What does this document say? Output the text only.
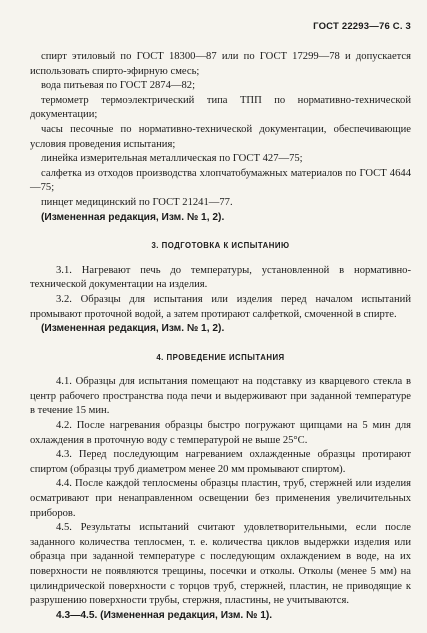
ГОСТ 22293—76 С. 3

спирт этиловый по ГОСТ 18300—87 или по ГОСТ 17299—78 и допускается использовать спирто-эфирную смесь;

вода питьевая по ГОСТ 2874—82;

термометр термоэлектрический типа ТПП по нормативно-технической документации;

часы песочные по нормативно-технической документации, обеспечивающие условия проведения испытания;

линейка измерительная металлическая по ГОСТ 427—75;

салфетка из отходов производства хлопчатобумажных материалов по ГОСТ 4644—75;

пинцет медицинский по ГОСТ 21241—77.

(Измененная редакция, Изм. № 1, 2).

3. ПОДГОТОВКА К ИСПЫТАНИЮ

3.1. Нагревают печь до температуры, установленной в нормативно-технической документации на изделия.

3.2. Образцы для испытания или изделия перед началом испытаний промывают проточной водой, а затем протирают салфеткой, смоченной в спирте.

(Измененная редакция, Изм. № 1, 2).

4. ПРОВЕДЕНИЕ ИСПЫТАНИЯ

4.1. Образцы для испытания помещают на подставку из кварцевого стекла в центр рабочего пространства пода печи и выдерживают при заданной температуре в течение 15 мин.

4.2. После нагревания образцы быстро погружают щипцами на 5 мин для охлаждения в проточную воду с температурой не выше 25°С.

4.3. Перед последующим нагреванием охлажденные образцы протирают спиртом (образцы труб диаметром менее 20 мм промывают спиртом).

4.4. После каждой теплосмены образцы пластин, труб, стержней или изделия осматривают при ненаправленном освещении без применения увеличительных приборов.

4.5. Результаты испытаний считают удовлетворительными, если после заданного количества теплосмен, т. е. количества циклов выдержки изделия или образца при заданной температуре с последующим охлаждением в воде, на их поверхности не появляются трещины, посечки и отколы. Отколы (менее 5 мм) на цилиндрической поверхности с торцов труб, стержней, пластин, не приводящие к разрушению поверхности трубы, стержня, пластины, не учитываются.

4.3—4.5. (Измененная редакция, Изм. № 1).
